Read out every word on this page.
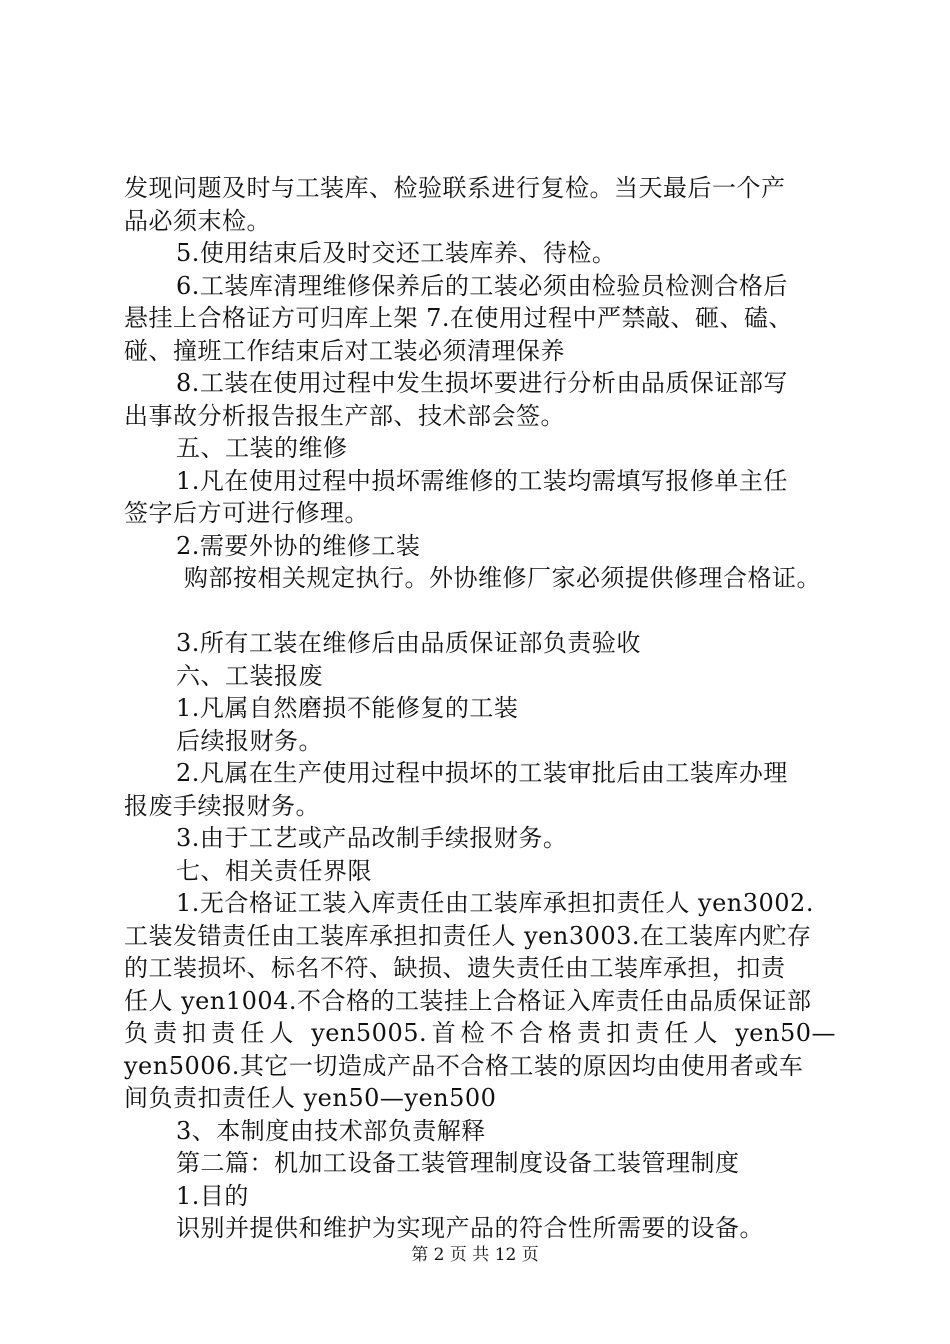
发现问题及时与工装库、检验联系进行复检。当天最后一个产
品必须末检。
5.使用结束后及时交还工装库养、待检。
6.工装库清理维修保养后的工装必须由检验员检测合格后
悬挂上合格证方可归库上架 7.在使用过程中严禁敲、砸、磕、
碰、撞班工作结束后对工装必须清理保养
8.工装在使用过程中发生损坏要进行分析由品质保证部写
出事故分析报告报生产部、技术部会签。
五、工装的维修
1.凡在使用过程中损坏需维修的工装均需填写报修单主任
签字后方可进行修理。
2.需要外协的维修工装
购部按相关规定执行。外协维修厂家必须提供修理合格证。
3.所有工装在维修后由品质保证部负责验收
六、工装报废
1.凡属自然磨损不能修复的工装
后续报财务。
2.凡属在生产使用过程中损坏的工装审批后由工装库办理
报废手续报财务。
3.由于工艺或产品改制手续报财务。
七、相关责任界限
1.无合格证工装入库责任由工装库承担扣责任人 yen3002.
工装发错责任由工装库承担扣责任人 yen3003.在工装库内贮存
的工装损坏、标名不符、缺损、遗失责任由工装库承担，扣责
任人 yen1004.不合格的工装挂上合格证入库责任由品质保证部
负责扣责任人 yen5005.首检不合格责扣责任人 yen50—
yen5006.其它一切造成产品不合格工装的原因均由使用者或车
间负责扣责任人 yen50—yen500
3、本制度由技术部负责解释
第二篇：机加工设备工装管理制度设备工装管理制度
1.目的
识别并提供和维护为实现产品的符合性所需要的设备。
第 2 页 共 12 页
